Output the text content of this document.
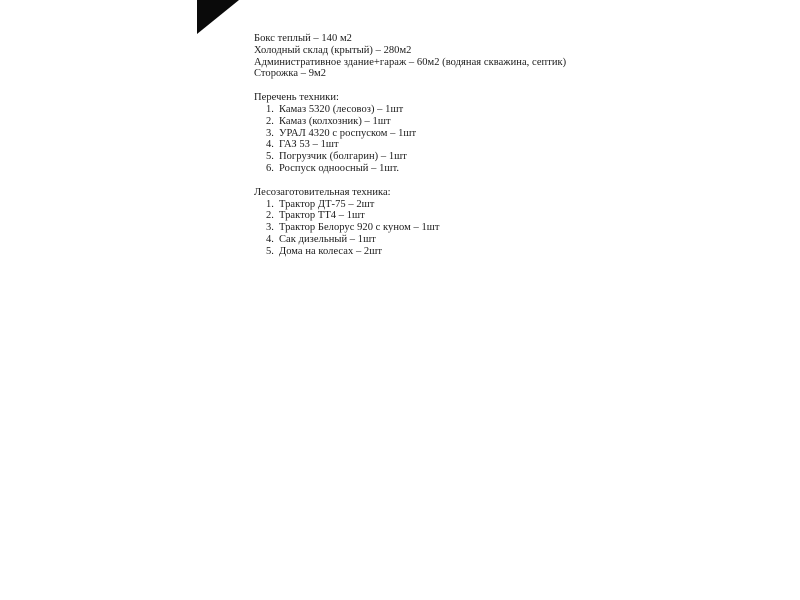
Бокс теплый – 140 м2

Холодный склад (крытый) – 280м2

Административное здание+гараж – 60м2 (водяная скважина, септик)

Сторожка – 9м2

Перечень техники:

1. Камаз 5320 (лесовоз) – 1шт
2. Камаз (колхозник) – 1шт
3. УРАЛ 4320 с роспуском – 1шт
4. ГАЗ 53 – 1шт
5. Погрузчик (болгарин) – 1шт
6. Роспуск одноосный – 1шт.

Лесозаготовительная техника:

1. Трактор ДТ-75 – 2шт
2. Трактор ТТ4 – 1шт
3. Трактор Белорус 920 с куном – 1шт
4. Сак дизельный – 1шт
5. Дома на колесах – 2шт
